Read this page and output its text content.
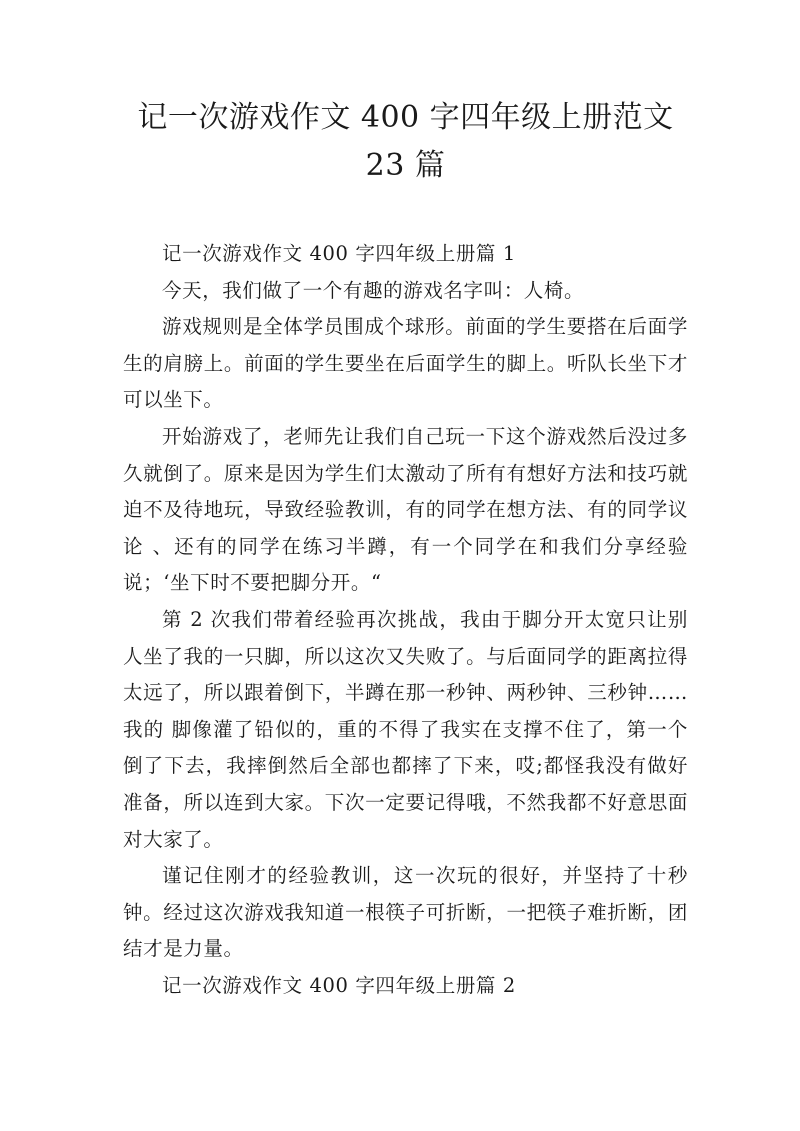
记一次游戏作文 400 字四年级上册范文 23 篇

记一次游戏作文 400 字四年级上册篇 1

今天，我们做了一个有趣的游戏名字叫：人椅。

游戏规则是全体学员围成个球形。前面的学生要搭在后面学生的肩膀上。前面的学生要坐在后面学生的脚上。听队长坐下才可以坐下。

开始游戏了，老师先让我们自己玩一下这个游戏然后没过多久就倒了。原来是因为学生们太激动了所有有想好方法和技巧就迫不及待地玩，导致经验教训，有的同学在想方法、有的同学议论 、还有的同学在练习半蹲，有一个同学在和我们分享经验说；‘坐下时不要把脚分开。“

第 2 次我们带着经验再次挑战，我由于脚分开太宽只让别人坐了我的一只脚，所以这次又失败了。与后面同学的距离拉得太远了，所以跟着倒下，半蹲在那一秒钟、两秒钟、三秒钟……我的 脚像灌了铅似的，重的不得了我实在支撑不住了，第一个倒了下去，我摔倒然后全部也都摔了下来，哎;都怪我没有做好准备，所以连到大家。下次一定要记得哦，不然我都不好意思面对大家了。

谨记住刚才的经验教训，这一次玩的很好，并坚持了十秒钟。经过这次游戏我知道一根筷子可折断，一把筷子难折断，团结才是力量。

记一次游戏作文 400 字四年级上册篇 2
